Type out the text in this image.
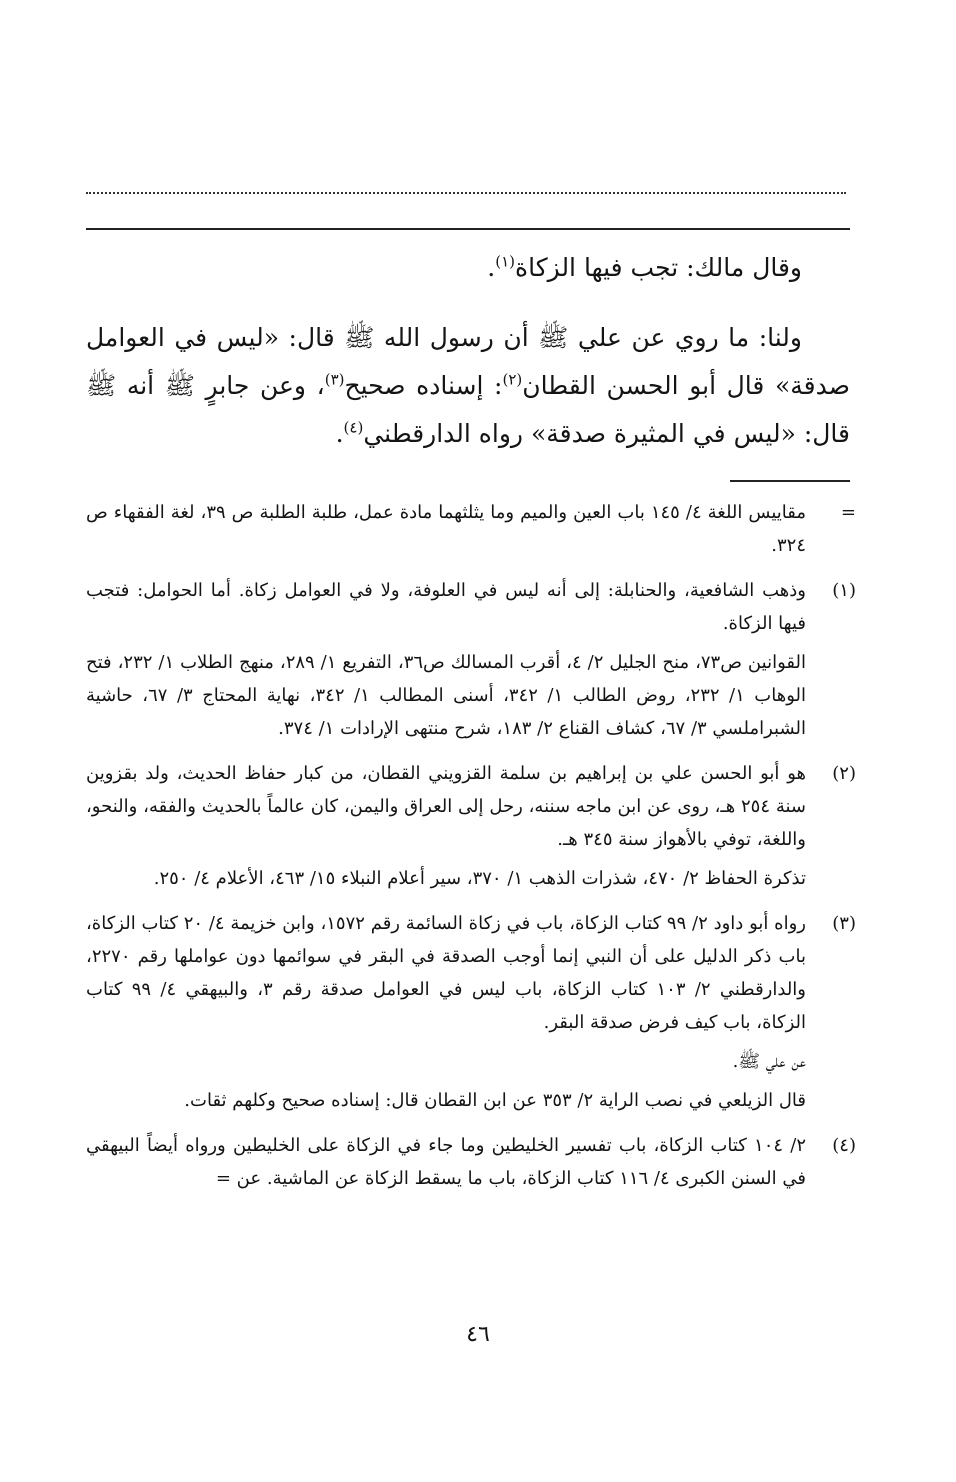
وقال مالك: تجب فيها الزكاة$^{(١)}$.

ولنا: ما روي عن علي ﷺ أن رسول الله ﷺ قال: «ليس في العوامل صدقة» قال أبو الحسن القطان$^{(٢)}$: إسناده صحيح$^{(٣)}$، وعن جابرٍ ﷺ أنه ﷺ قال: «ليس في المثيرة صدقة» رواه الدارقطني$^{(٤)}$.

=

مقاييس اللغة ٤/ ١٤٥ باب العين والميم وما يثلثهما مادة عمل، طلبة الطلبة ص ٣٩، لغة الفقهاء ص ٣٢٤.

(١)

وذهب الشافعية، والحنابلة: إلى أنه ليس في العلوفة، ولا في العوامل زكاة. أما الحوامل: فتجب فيها الزكاة.

القوانين ص٧٣، منح الجليل ٢/ ٤، أقرب المسالك ص٣٦، التفريع ١/ ٢٨٩، منهج الطلاب ١/ ٢٣٢، فتح الوهاب ١/ ٢٣٢، روض الطالب ١/ ٣٤٢، أسنى المطالب ١/ ٣٤٢، نهاية المحتاج ٣/ ٦٧، حاشية الشبراملسي ٣/ ٦٧، كشاف القناع ٢/ ١٨٣، شرح منتهى الإرادات ١/ ٣٧٤.

(٢)

هو أبو الحسن علي بن إبراهيم بن سلمة القزويني القطان، من كبار حفاظ الحديث، ولد بقزوين سنة ٢٥٤ هـ، روى عن ابن ماجه سننه، رحل إلى العراق واليمن، كان عالماً بالحديث والفقه، والنحو، واللغة، توفي بالأهواز سنة ٣٤٥ هـ.

تذكرة الحفاظ ٢/ ٤٧٠، شذرات الذهب ١/ ٣٧٠، سير أعلام النبلاء ١٥/ ٤٦٣، الأعلام ٤/ ٢٥٠.

(٣)

رواه أبو داود ٢/ ٩٩ كتاب الزكاة، باب في زكاة السائمة رقم ١٥٧٢، وابن خزيمة ٤/ ٢٠ كتاب الزكاة، باب ذكر الدليل على أن النبي إنما أوجب الصدقة في البقر في سوائمها دون عواملها رقم ٢٢٧٠، والدارقطني ٢/ ١٠٣ كتاب الزكاة، باب ليس في العوامل صدقة رقم ٣، والبيهقي ٤/ ٩٩ كتاب الزكاة، باب كيف فرض صدقة البقر.

عن علي ﷺ.

قال الزيلعي في نصب الراية ٢/ ٣٥٣ عن ابن القطان قال: إسناده صحيح وكلهم ثقات.

(٤)

٢/ ١٠٤ كتاب الزكاة، باب تفسير الخليطين وما جاء في الزكاة على الخليطين ورواه أيضاً البيهقي في السنن الكبرى ٤/ ١١٦ كتاب الزكاة، باب ما يسقط الزكاة عن الماشية. عن =

٤٦
